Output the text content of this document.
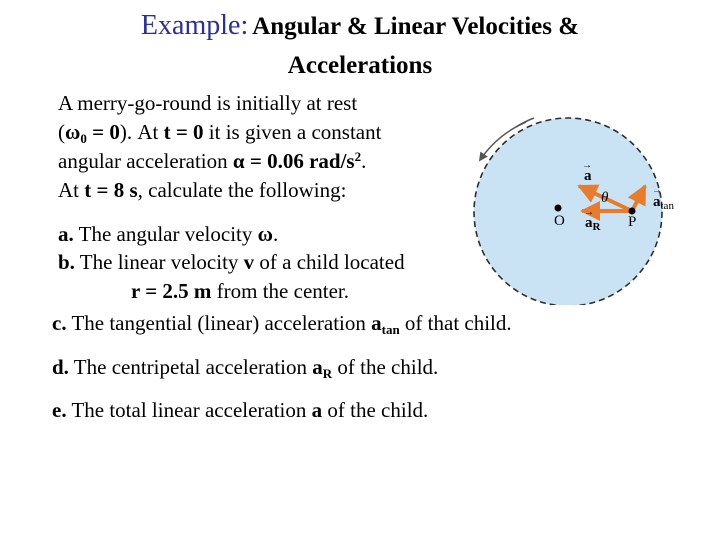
Example: Angular & Linear Velocities &
Accelerations
A merry-go-round is initially at rest
$(\omega_0 = 0)$. At t = 0 it is given a constant
angular acceleration α = 0.06 rad/$s^2$.
At t = 8 s, calculate the following:
a. The angular velocity ω.
b. The linear velocity v of a child located
r = 2.5 m from the center.
c. The tangential (linear) acceleration $a_{tan}$ of that child.
d. The centripetal acceleration $a_R$ of the child.
e. The total linear acceleration a of the child.
a
→
θ
$a_R$
→
O	P
$a_{tan}$
→
